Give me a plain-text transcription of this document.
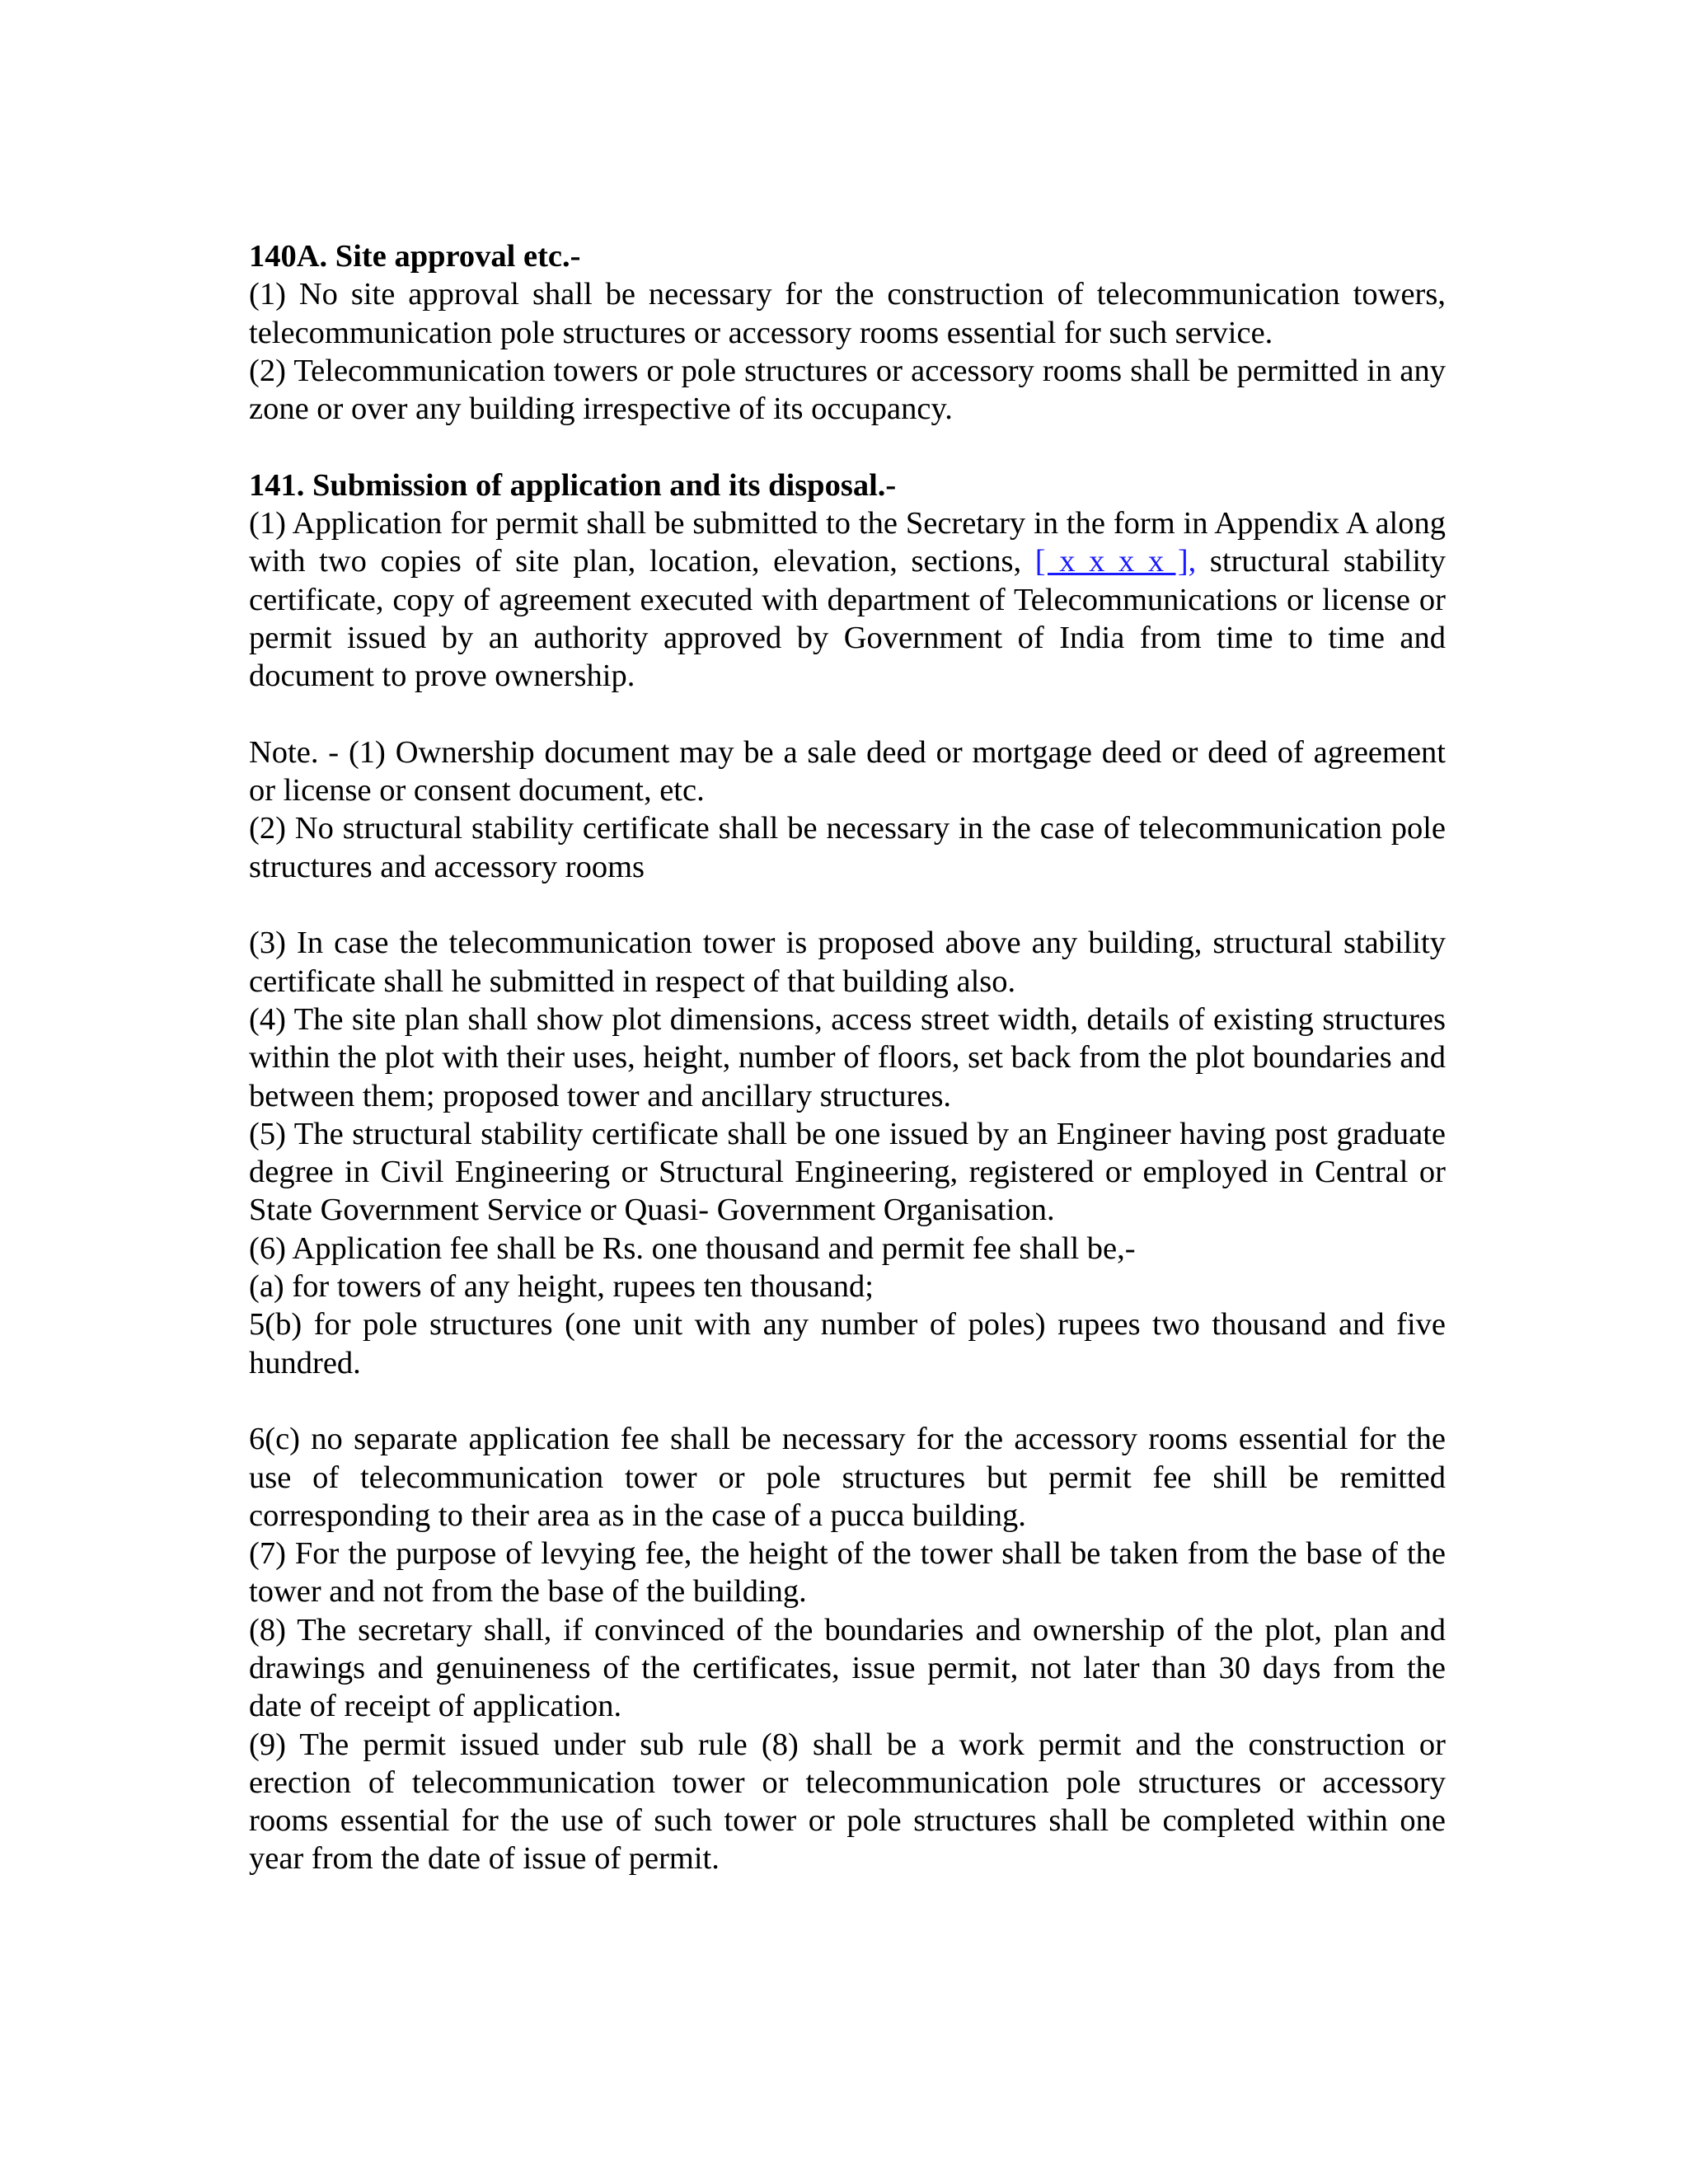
140A. Site approval etc.-

(1) No site approval shall be necessary for the construction of telecommunication towers, telecommunication pole structures or accessory rooms essential for such service.

(2) Telecommunication towers or pole structures or accessory rooms shall be permitted in any zone or over any building irrespective of its occupancy.

141. Submission of application and its disposal.-

(1) Application for permit shall be submitted to the Secretary in the form in Appendix A along with two copies of site plan, location, elevation, sections, [ x x x x ], structural stability certificate, copy of agreement executed with department of Telecommunications or license or permit issued by an authority approved by Government of India from time to time and document to prove ownership.

Note. - (1) Ownership document may be a sale deed or mortgage deed or deed of agreement or license or consent document, etc.

(2) No structural stability certificate shall be necessary in the case of telecommunication pole structures and accessory rooms

(3) In case the telecommunication tower is proposed above any building, structural stability certificate shall he submitted in respect of that building also.

(4) The site plan shall show plot dimensions, access street width, details of existing structures within the plot with their uses, height, number of floors, set back from the plot boundaries and between them; proposed tower and ancillary structures.

(5) The structural stability certificate shall be one issued by an Engineer having post graduate degree in Civil Engineering or Structural Engineering, registered or employed in Central or State Government Service or Quasi- Government Organisation.

(6) Application fee shall be Rs. one thousand and permit fee shall be,-

(a) for towers of any height, rupees ten thousand;

5(b) for pole structures (one unit with any number of poles) rupees two thousand and five hundred.

6(c) no separate application fee shall be necessary for the accessory rooms essential for the use of telecommunication tower or pole structures but permit fee shill be remitted corresponding to their area as in the case of a pucca building.

(7) For the purpose of levying fee, the height of the tower shall be taken from the base of the tower and not from the base of the building.

(8) The secretary shall, if convinced of the boundaries and ownership of the plot, plan and drawings and genuineness of the certificates, issue permit, not later than 30 days from the date of receipt of application.

(9) The permit issued under sub rule (8) shall be a work permit and the construction or erection of telecommunication tower or telecommunication pole structures or accessory rooms essential for the use of such tower or pole structures shall be completed within one year from the date of issue of permit.
